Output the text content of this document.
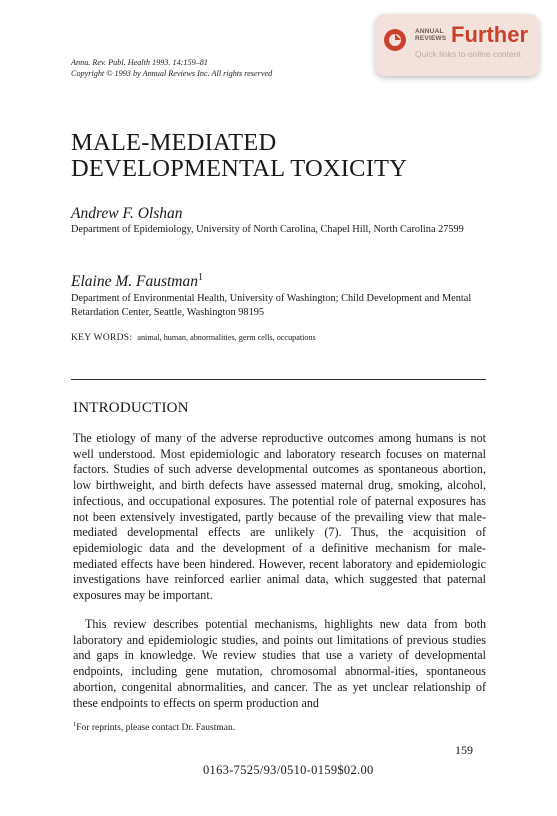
ANNUAL
REVIEWS Further
Quick links to online content
Annu. Rev. Publ. Health 1993. 14:159–81
Copyright © 1993 by Annual Reviews Inc. All rights reserved
MALE-MEDIATED
DEVELOPMENTAL TOXICITY
Andrew F. Olshan
Department of Epidemiology, University of North Carolina, Chapel Hill, North Carolina 27599
Elaine M. Faustman$^1$
Department of Environmental Health, University of Washington; Child Development and Mental Retardation Center, Seattle, Washington 98195
KEY WORDS: animal, human, abnormalities, germ cells, occupations
INTRODUCTION

The etiology of many of the adverse reproductive outcomes among humans is not well understood. Most epidemiologic and laboratory research focuses on maternal factors. Studies of such adverse developmental outcomes as spontaneous abortion, low birthweight, and birth defects have assessed maternal drug, smoking, alcohol, infectious, and occupational exposures. The potential role of paternal exposures has not been extensively investigated, partly because of the prevailing view that male-mediated developmental effects are unlikely (7). Thus, the acquisition of epidemiologic data and the development of a definitive mechanism for male-mediated effects have been hindered. However, recent laboratory and epidemiologic investigations have reinforced earlier animal data, which suggested that paternal exposures may be important.

This review describes potential mechanisms, highlights new data from both laboratory and epidemiologic studies, and points out limitations of previous studies and gaps in knowledge. We review studies that use a variety of developmental endpoints, including gene mutation, chromosomal abnormal-ities, spontaneous abortion, congenital abnormalities, and cancer. The as yet unclear relationship of these endpoints to effects on sperm production and

$^1$For reprints, please contact Dr. Faustman.
159
0163-7525/93/0510-0159$02.00
